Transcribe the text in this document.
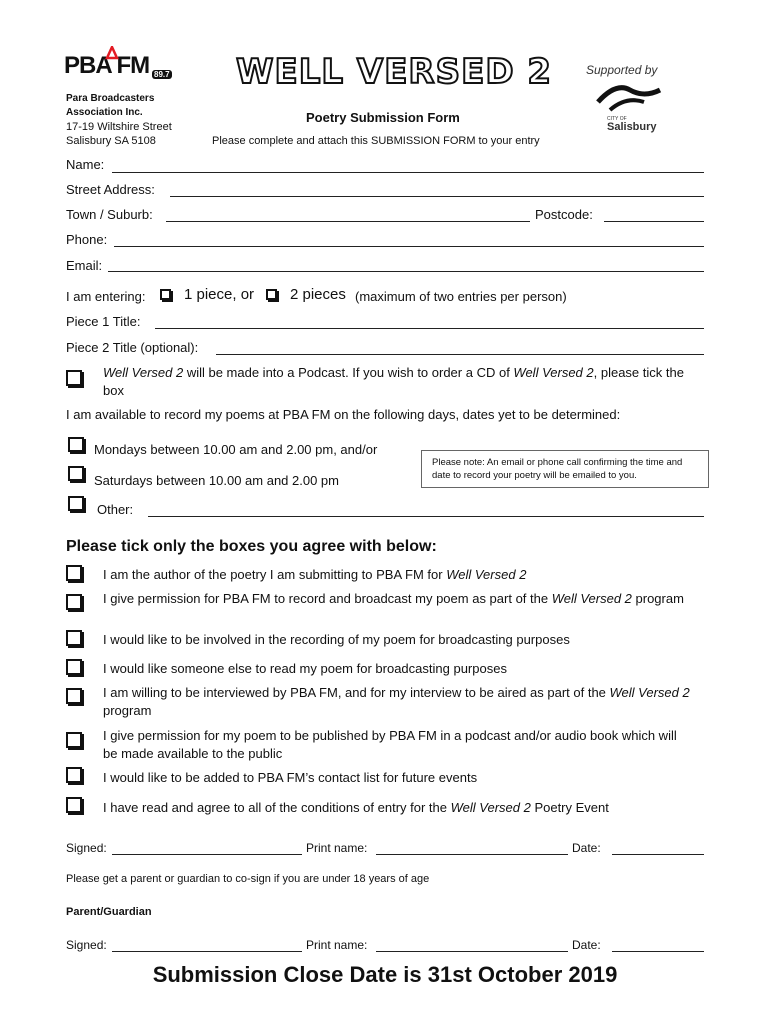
PBA FM 89.7 WELL VERSED 2	Supported by
CITY OF
Salisbury
Para Broadcasters
Association Inc.
17-19 Wiltshire Street
Salisbury SA 5108
Poetry Submission Form
Please complete and attach this SUBMISSION FORM to your entry
Name:
Street Address:
Town / Suburb:	Postcode:
Phone:
Email:
I am entering:	1 piece, or 2 pieces (maximum of two entries per person)
Piece 1 Title:
Piece 2 Title (optional):
Well Versed 2 will be made into a Podcast. If you wish to order a CD of Well Versed 2, please tick the box
I am available to record my poems at PBA FM on the following days, dates yet to be determined:
Mondays between 10.00 am and 2.00 pm, and/or
Saturdays between 10.00 am and 2.00 pm
Please note: An email or phone call confirming the time and date to record your poetry will be emailed to you.
Other:
Please tick only the boxes you agree with below:
I am the author of the poetry I am submitting to PBA FM for Well Versed 2
I give permission for PBA FM to record and broadcast my poem as part of the Well Versed 2 program
I would like to be involved in the recording of my poem for broadcasting purposes
I would like someone else to read my poem for broadcasting purposes
I am willing to be interviewed by PBA FM, and for my interview to be aired as part of the Well Versed 2 program
I give permission for my poem to be published by PBA FM in a podcast and/or audio book which will be made available to the public
I would like to be added to PBA FM’s contact list for future events
I have read and agree to all of the conditions of entry for the Well Versed 2 Poetry Event
Signed:	Print name:	Date:
Please get a parent or guardian to co-sign if you are under 18 years of age
Parent/Guardian
Signed:	Print name:	Date:
Submission Close Date is 31st October 2019
